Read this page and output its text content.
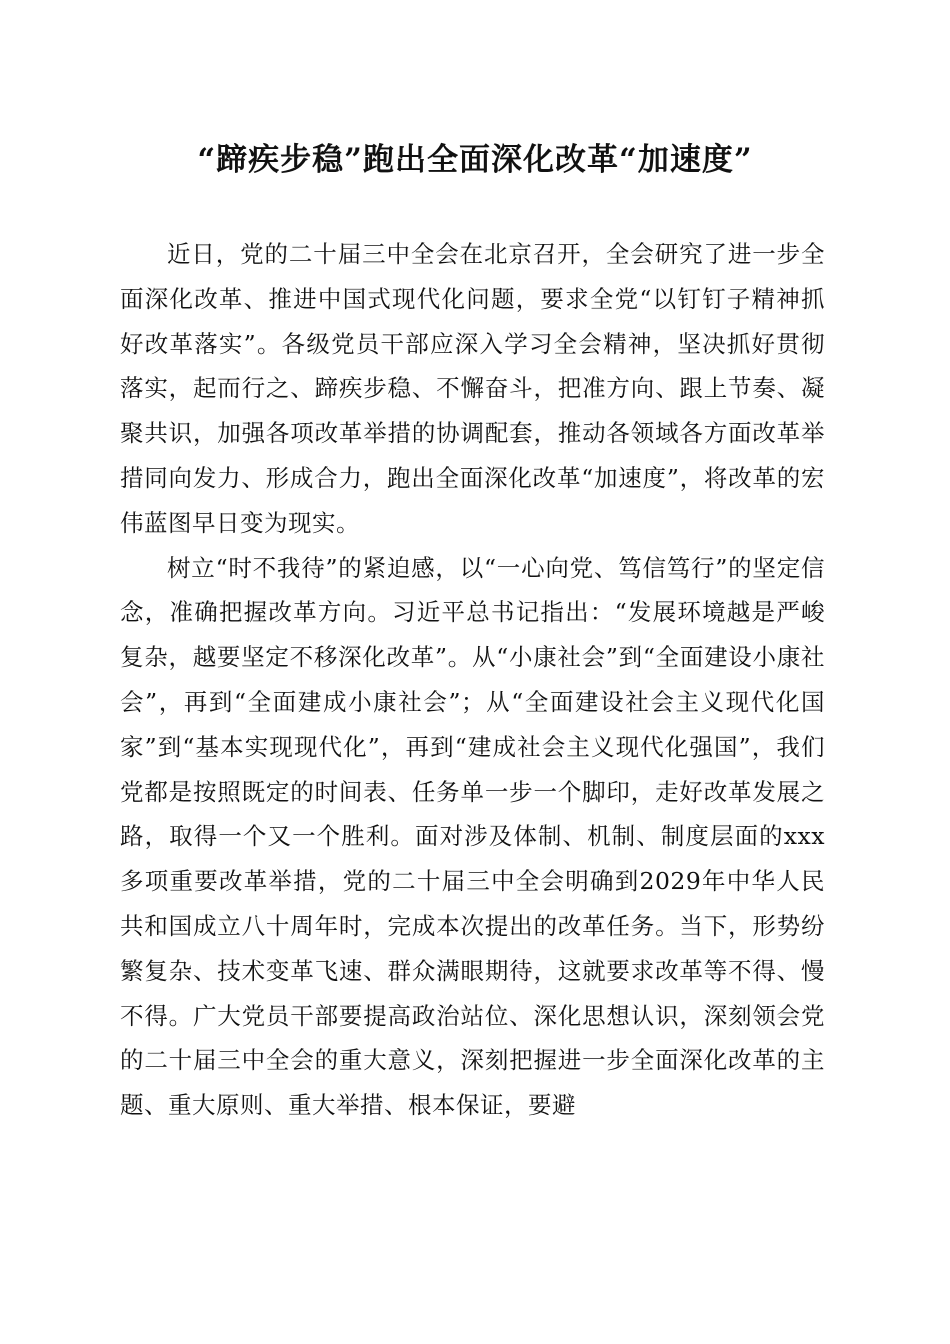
“蹄疾步稳”跑出全面深化改革“加速度”

近日，党的二十届三中全会在北京召开，全会研究了进一步全面深化改革、推进中国式现代化问题，要求全党“以钉钉子精神抓好改革落实”。各级党员干部应深入学习全会精神，坚决抓好贯彻落实，起而行之、蹄疾步稳、不懈奋斗，把准方向、跟上节奏、凝聚共识，加强各项改革举措的协调配套，推动各领域各方面改革举措同向发力、形成合力，跑出全面深化改革“加速度”，将改革的宏伟蓝图早日变为现实。

树立“时不我待”的紧迫感，以“一心向党、笃信笃行”的坚定信念，准确把握改革方向。习近平总书记指出：“发展环境越是严峻复杂，越要坚定不移深化改革”。从“小康社会”到“全面建设小康社会”，再到“全面建成小康社会”；从“全面建设社会主义现代化国家”到“基本实现现代化”，再到“建成社会主义现代化强国”，我们党都是按照既定的时间表、任务单一步一个脚印，走好改革发展之路，取得一个又一个胜利。面对涉及体制、机制、制度层面的xxx多项重要改革举措，党的二十届三中全会明确到2029年中华人民共和国成立八十周年时，完成本次提出的改革任务。当下，形势纷繁复杂、技术变革飞速、群众满眼期待，这就要求改革等不得、慢不得。广大党员干部要提高政治站位、深化思想认识，深刻领会党的二十届三中全会的重大意义，深刻把握进一步全面深化改革的主题、重大原则、重大举措、根本保证，要避
